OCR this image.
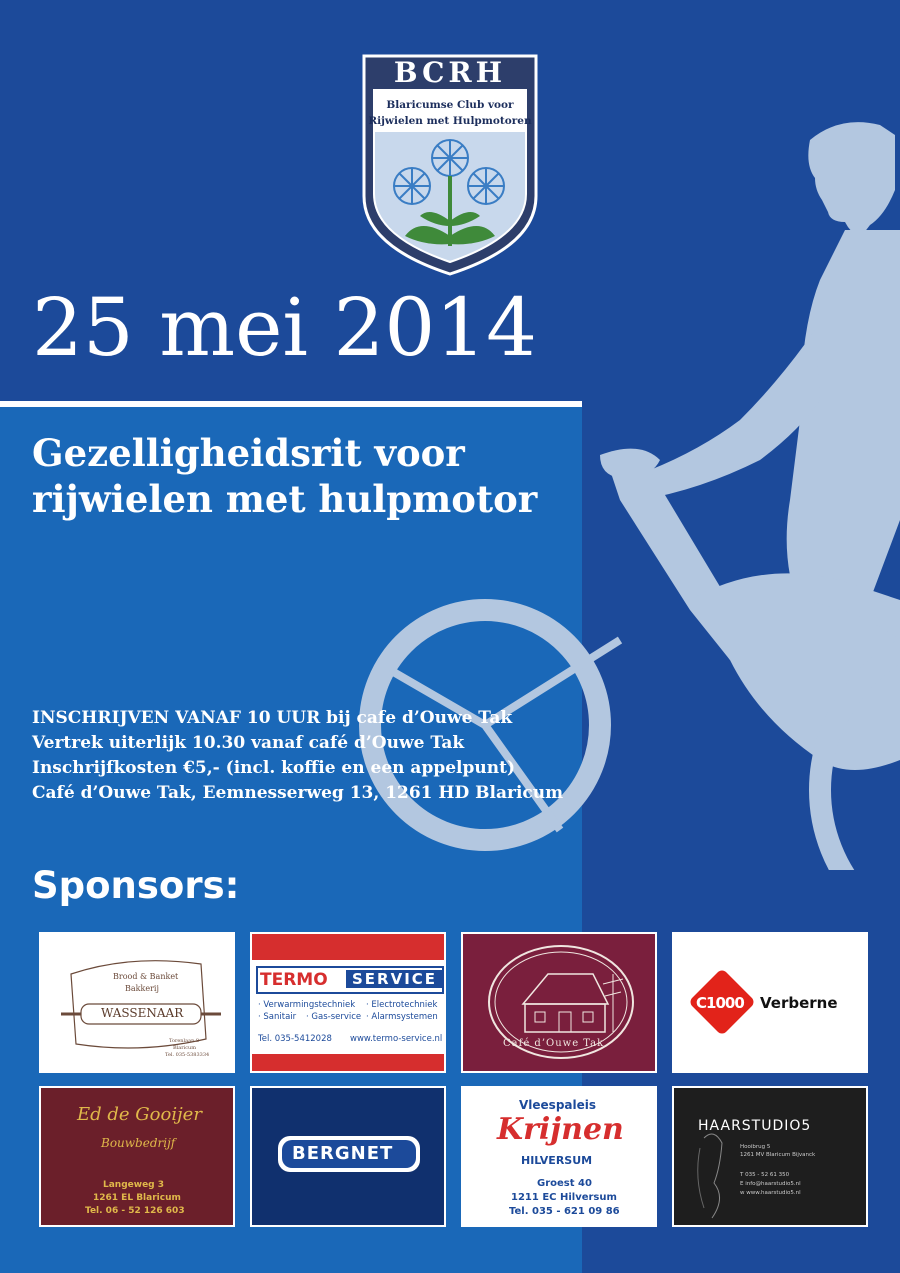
BCRH
Blaricumse Club voor
Rijwielen met Hulpmotoren
25 mei 2014
Gezelligheidsrit voor
rijwielen met hulpmotor
INSCHRIJVEN VANAF 10 UUR bij cafe d’Ouwe Tak
Vertrek uiterlijk 10.30 vanaf café d’Ouwe Tak
Inschrijfkosten €5,- (incl. koffie en een appelpunt)
Café d’Ouwe Tak, Eemnesserweg 13, 1261 HD Blaricum
Sponsors:
Brood & Banket
Bakkerij
WASSENAAR
Torenlaan 8
Blaricum
Tel. 035-5383334
TERMO	SERVICE
· Verwarmingstechniek · Electrotechniek
· Sanitair · Gas-service · Alarmsystemen
Tel. 035-5412028 www.termo-service.nl	Café d’Ouwe Tak
C1000 Verberne
Ed de Gooijer
Bouwbedrijf
Langeweg 3
1261 EL Blaricum
Tel. 06 - 52 126 603
BERGNET
Vleespaleis
Krijnen
HILVERSUM
Groest 40
1211 EC Hilversum
Tel. 035 - 621 09 86
HAARSTUDIO5
Hooibrug 5
1261 MV Blaricum Bijvanck
T 035 - 52 61 350
E info@haarstudio5.nl
w www.haarstudio5.nl
